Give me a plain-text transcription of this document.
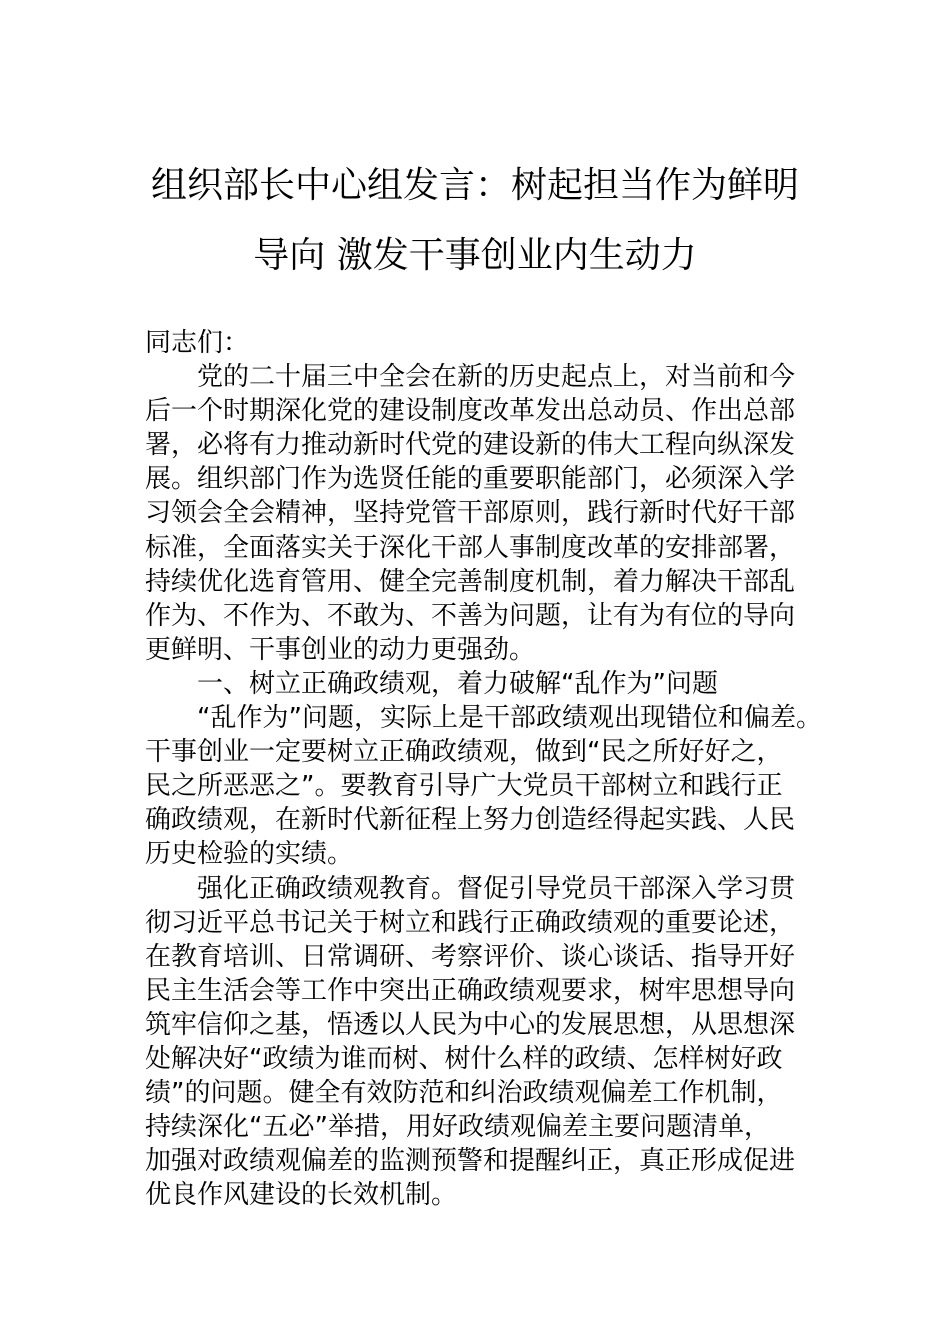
组织部长中心组发言：树起担当作为鲜明
导向 激发干事创业内生动力

同志们：

党的二十届三中全会在新的历史起点上，对当前和今

后一个时期深化党的建设制度改革发出总动员、作出总部

署，必将有力推动新时代党的建设新的伟大工程向纵深发

展。组织部门作为选贤任能的重要职能部门，必须深入学

习领会全会精神，坚持党管干部原则，践行新时代好干部

标准，全面落实关于深化干部人事制度改革的安排部署，

持续优化选育管用、健全完善制度机制，着力解决干部乱

作为、不作为、不敢为、不善为问题，让有为有位的导向

更鲜明、干事创业的动力更强劲。

一、树立正确政绩观，着力破解“乱作为”问题

“乱作为”问题，实际上是干部政绩观出现错位和偏差。

干事创业一定要树立正确政绩观，做到“民之所好好之，

民之所恶恶之”。要教育引导广大党员干部树立和践行正

确政绩观，在新时代新征程上努力创造经得起实践、人民

历史检验的实绩。

强化正确政绩观教育。督促引导党员干部深入学习贯

彻习近平总书记关于树立和践行正确政绩观的重要论述，

在教育培训、日常调研、考察评价、谈心谈话、指导开好

民主生活会等工作中突出正确政绩观要求，树牢思想导向

筑牢信仰之基，悟透以人民为中心的发展思想，从思想深

处解决好“政绩为谁而树、树什么样的政绩、怎样树好政

绩”的问题。健全有效防范和纠治政绩观偏差工作机制，

持续深化“五必”举措，用好政绩观偏差主要问题清单，

加强对政绩观偏差的监测预警和提醒纠正，真正形成促进

优良作风建设的长效机制。
